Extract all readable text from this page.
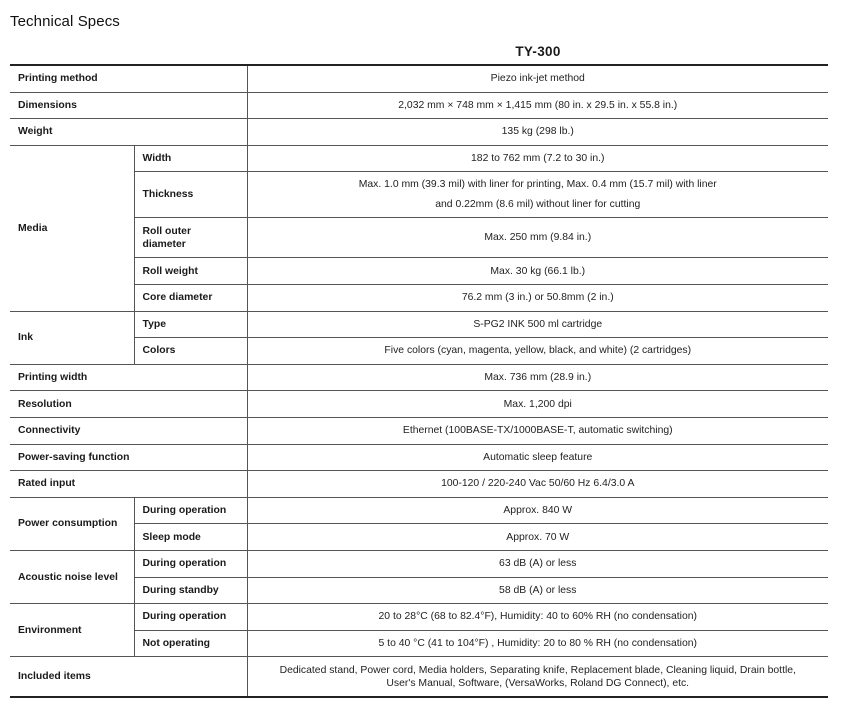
Technical Specs
TY-300
Printing method		Piezo ink-jet method
Dimensions		2,032 mm × 748 mm × 1,415 mm (80 in. x 29.5 in. x 55.8 in.)
Weight		135 kg (298 lb.)
Media	Width	182 to 762 mm (7.2 to 30 in.)
	Thickness	Max. 1.0 mm (39.3 mil) with liner for printing, Max. 0.4 mm (15.7 mil) with liner
and 0.22mm (8.6 mil) without liner for cutting

	Roll outer
diameter	Max. 250 mm (9.84 in.)
	Roll weight	Max. 30 kg (66.1 lb.)
	Core diameter	76.2 mm (3 in.) or 50.8mm (2 in.)
Ink	Type	S-PG2 INK 500 ml cartridge
	Colors	Five colors (cyan, magenta, yellow, black, and white) (2 cartridges)
Printing width		Max. 736 mm (28.9 in.)
Resolution		Max. 1,200 dpi
Connectivity		Ethernet (100BASE-TX/1000BASE-T, automatic switching)
Power-saving function		Automatic sleep feature
Rated input		100-120 / 220-240 Vac 50/60 Hz 6.4/3.0 A
Power consumption	During operation	Approx. 840 W
	Sleep mode	Approx. 70 W
Acoustic noise level	During operation	63 dB (A) or less
	During standby	58 dB (A) or less
Environment	During operation	20 to 28°C (68 to 82.4°F), Humidity: 40 to 60% RH (no condensation)
	Not operating	5 to 40 °C (41 to 104°F) , Humidity: 20 to 80 % RH (no condensation)
Included items		Dedicated stand, Power cord, Media holders, Separating knife, Replacement blade, Cleaning liquid, Drain bottle,
User's Manual, Software, (VersaWorks, Roland DG Connect), etc.
